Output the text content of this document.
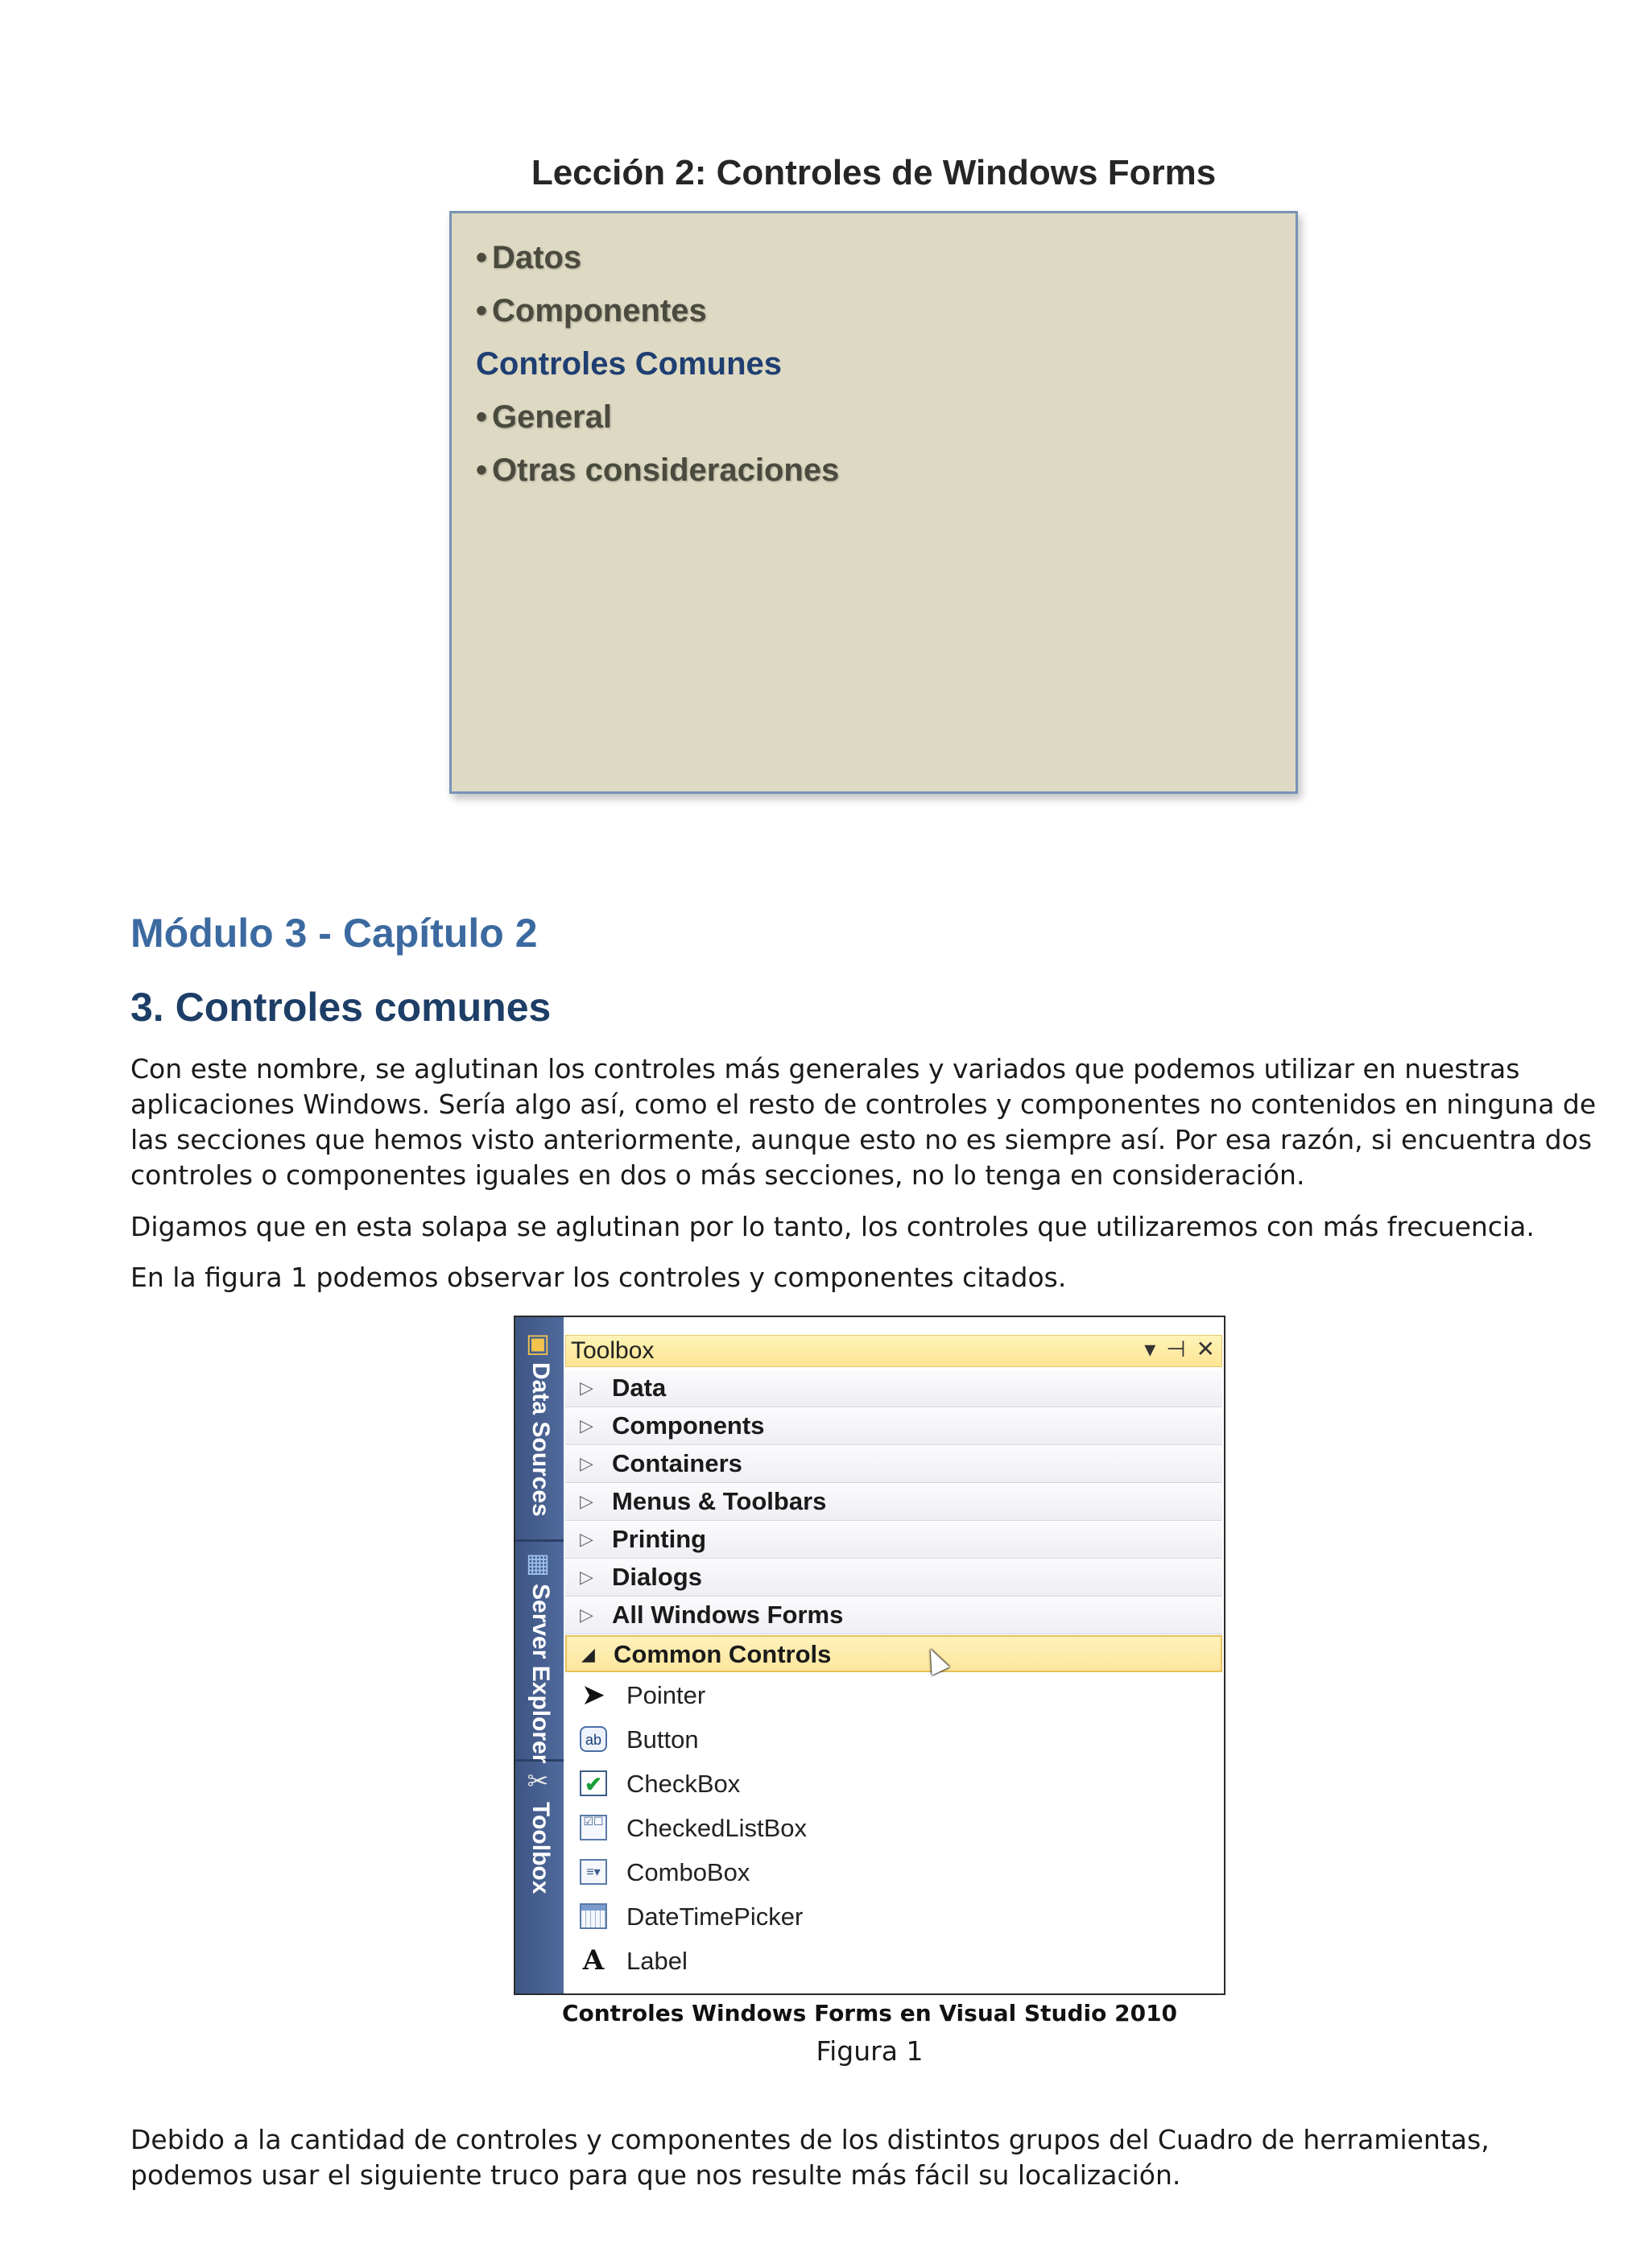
Lección 2: Controles de Windows Forms
• Datos
• Componentes
Controles Comunes
• General
• Otras consideraciones
Módulo 3 - Capítulo 2
3. Controles comunes

Con este nombre, se aglutinan los controles más generales y variados que podemos utilizar en nuestras aplicaciones Windows. Sería algo así, como el resto de controles y componentes no contenidos en ninguna de las secciones que hemos visto anteriormente, aunque esto no es siempre así. Por esa razón, si encuentra dos controles o componentes iguales en dos o más secciones, no lo tenga en consideración.

Digamos que en esta solapa se aglutinan por lo tanto, los controles que utilizaremos con más frecuencia.

En la figura 1 podemos observar los controles y componentes citados.

▣
Data Sources
▦
Server Explorer
✂
Toolbox
Toolbox	▾ ⊣ ✕
▷ Data
▷ Components
▷ Containers
▷ Menus & Toolbars
▷ Printing
▷ Dialogs
▷ All Windows Forms
◢ Common Controls
➤ Pointer
ab Button
✔ CheckBox
☑☐ CheckedListBox
≡▾ ComboBox
DateTimePicker
A Label
Controles Windows Forms en Visual Studio 2010
Figura 1

Debido a la cantidad de controles y componentes de los distintos grupos del Cuadro de herramientas, podemos usar el siguiente truco para que nos resulte más fácil su localización.
